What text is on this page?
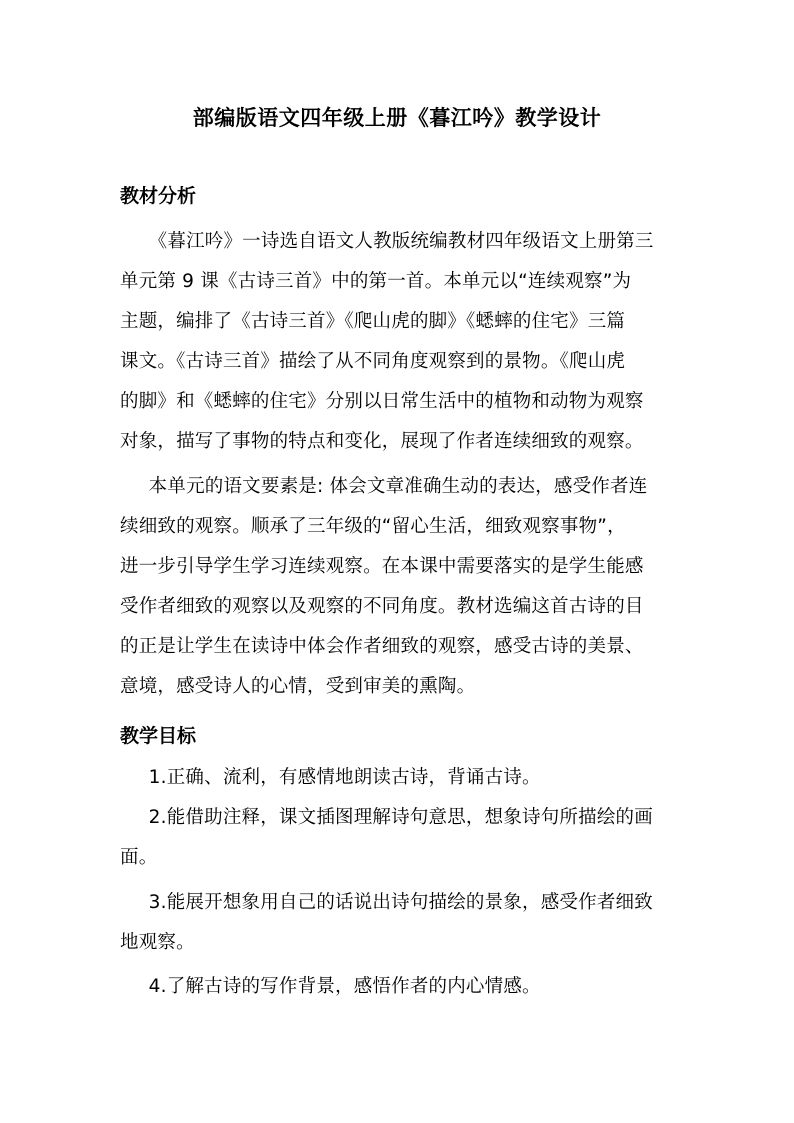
部编版语文四年级上册《暮江吟》教学设计
教材分析
《暮江吟》一诗选自语文人教版统编教材四年级语文上册第三
单元第 9 课《古诗三首》中的第一首。本单元以“连续观察”为
主题，编排了《古诗三首》《爬山虎的脚》《蟋蟀的住宅》三篇
课文。《古诗三首》描绘了从不同角度观察到的景物。《爬山虎
的脚》和《蟋蟀的住宅》分别以日常生活中的植物和动物为观察
对象，描写了事物的特点和变化，展现了作者连续细致的观察。
本单元的语文要素是: 体会文章准确生动的表达，感受作者连
续细致的观察。顺承了三年级的“留心生活，细致观察事物”，
进一步引导学生学习连续观察。在本课中需要落实的是学生能感
受作者细致的观察以及观察的不同角度。教材选编这首古诗的目
的正是让学生在读诗中体会作者细致的观察，感受古诗的美景、
意境，感受诗人的心情，受到审美的熏陶。
教学目标
1.正确、流利，有感情地朗读古诗，背诵古诗。
2.能借助注释，课文插图理解诗句意思，想象诗句所描绘的画
面。
3.能展开想象用自己的话说出诗句描绘的景象，感受作者细致
地观察。
4.了解古诗的写作背景，感悟作者的内心情感。
